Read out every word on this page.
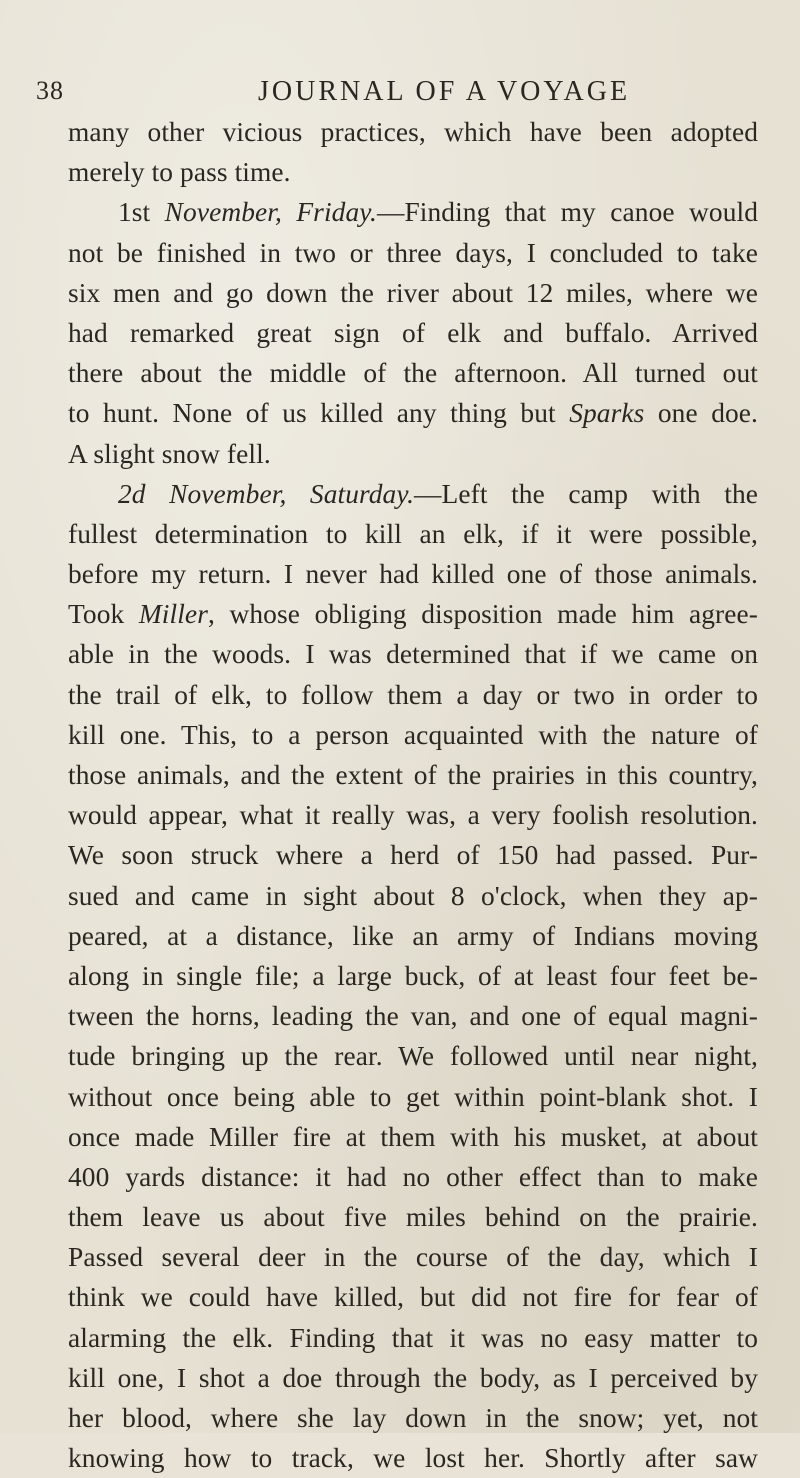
38	JOURNAL OF A VOYAGE
many other vicious practices, which have been adopted
merely to pass time.
1st November, Friday.—Finding that my canoe would
not be finished in two or three days, I concluded to take
six men and go down the river about 12 miles, where we
had remarked great sign of elk and buffalo. Arrived
there about the middle of the afternoon. All turned out
to hunt. None of us killed any thing but Sparks one doe.
A slight snow fell.
2d November, Saturday.—Left the camp with the
fullest determination to kill an elk, if it were possible,
before my return. I never had killed one of those animals.
Took Miller, whose obliging disposition made him agree-
able in the woods. I was determined that if we came on
the trail of elk, to follow them a day or two in order to
kill one. This, to a person acquainted with the nature of
those animals, and the extent of the prairies in this country,
would appear, what it really was, a very foolish resolution.
We soon struck where a herd of 150 had passed. Pur-
sued and came in sight about 8 o'clock, when they ap-
peared, at a distance, like an army of Indians moving
along in single file; a large buck, of at least four feet be-
tween the horns, leading the van, and one of equal magni-
tude bringing up the rear. We followed until near night,
without once being able to get within point-blank shot. I
once made Miller fire at them with his musket, at about
400 yards distance: it had no other effect than to make
them leave us about five miles behind on the prairie.
Passed several deer in the course of the day, which I
think we could have killed, but did not fire for fear of
alarming the elk. Finding that it was no easy matter to
kill one, I shot a doe through the body, as I perceived by
her blood, where she lay down in the snow; yet, not
knowing how to track, we lost her. Shortly after saw
